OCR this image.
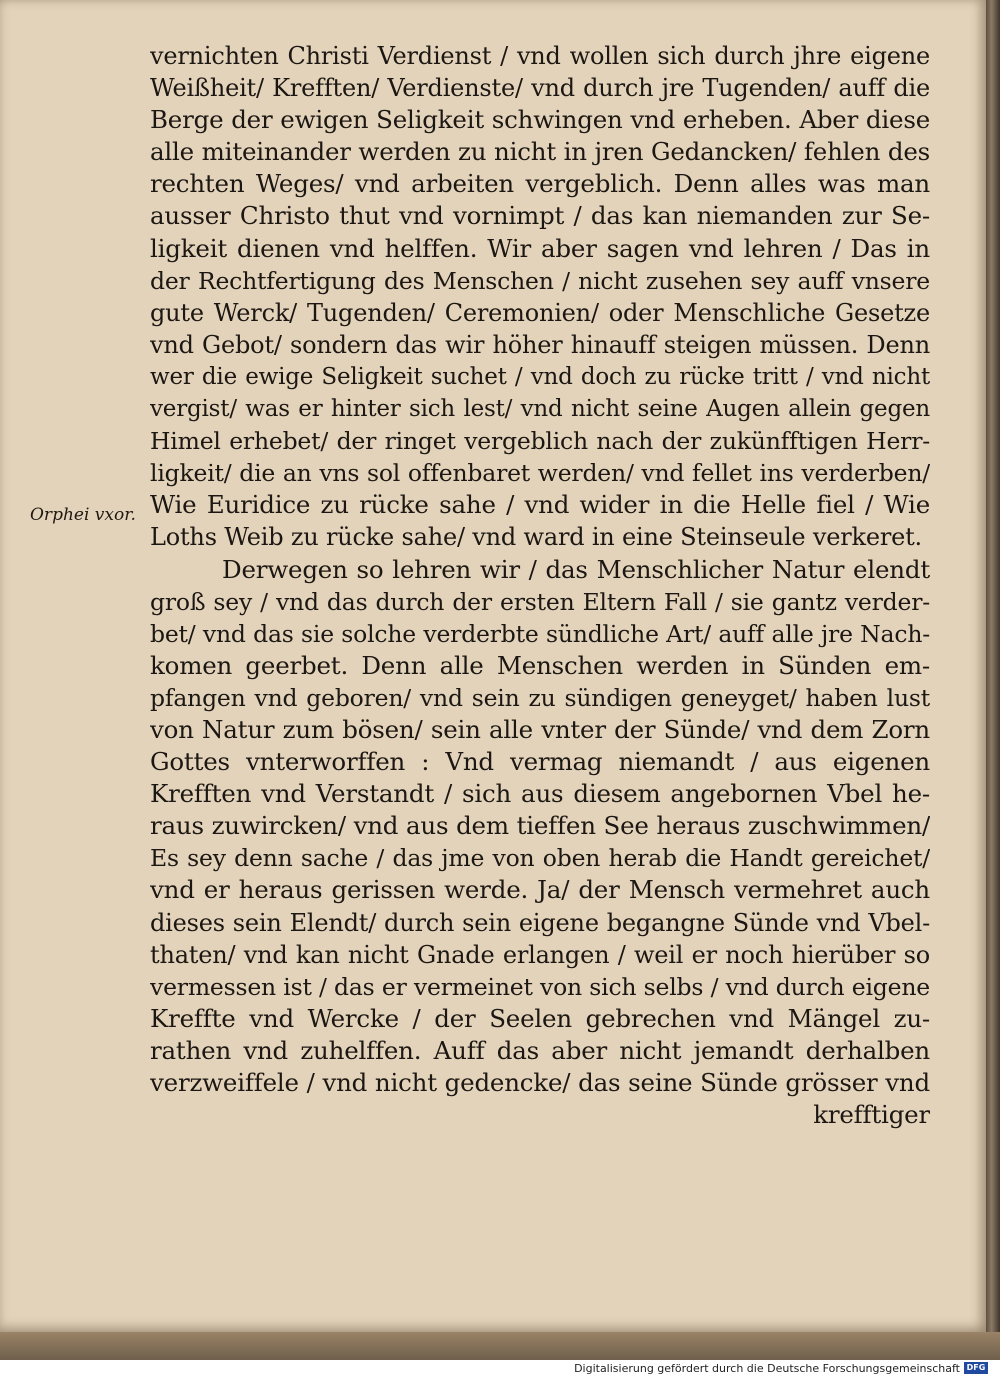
Orphei vxor.
vernichten Christi Verdienst / vnd wollen sich durch jhre eigene
Weißheit/ Krefften/ Verdienste/ vnd durch jre Tugenden/ auff die
Berge der ewigen Seligkeit schwingen vnd erheben. Aber diese
alle miteinander werden zu nicht in jren Gedancken/ fehlen des
rechten Weges/ vnd arbeiten vergeblich. Denn alles was man
ausser Christo thut vnd vornimpt / das kan niemanden zur Se-
ligkeit dienen vnd helffen. Wir aber sagen vnd lehren / Das in
der Rechtfertigung des Menschen / nicht zusehen sey auff vnsere
gute Werck/ Tugenden/ Ceremonien/ oder Menschliche Gesetze
vnd Gebot/ sondern das wir höher hinauff steigen müssen. Denn
wer die ewige Seligkeit suchet / vnd doch zu rücke tritt / vnd nicht
vergist/ was er hinter sich lest/ vnd nicht seine Augen allein gegen
Himel erhebet/ der ringet vergeblich nach der zukünfftigen Herr-
ligkeit/ die an vns sol offenbaret werden/ vnd fellet ins verderben/
Wie Euridice zu rücke sahe / vnd wider in die Helle fiel / Wie
Loths Weib zu rücke sahe/ vnd ward in eine Steinseule verkeret.
Derwegen so lehren wir / das Menschlicher Natur elendt
groß sey / vnd das durch der ersten Eltern Fall / sie gantz verder-
bet/ vnd das sie solche verderbte sündliche Art/ auff alle jre Nach-
komen geerbet. Denn alle Menschen werden in Sünden em-
pfangen vnd geboren/ vnd sein zu sündigen geneyget/ haben lust
von Natur zum bösen/ sein alle vnter der Sünde/ vnd dem Zorn
Gottes vnterworffen : Vnd vermag niemandt / aus eigenen
Krefften vnd Verstandt / sich aus diesem angebornen Vbel he-
raus zuwircken/ vnd aus dem tieffen See heraus zuschwimmen/
Es sey denn sache / das jme von oben herab die Handt gereichet/
vnd er heraus gerissen werde. Ja/ der Mensch vermehret auch
dieses sein Elendt/ durch sein eigene begangne Sünde vnd Vbel-
thaten/ vnd kan nicht Gnade erlangen / weil er noch hierüber so
vermessen ist / das er vermeinet von sich selbs / vnd durch eigene
Kreffte vnd Wercke / der Seelen gebrechen vnd Mängel zu-
rathen vnd zuhelffen. Auff das aber nicht jemandt derhalben
verzweiffele / vnd nicht gedencke/ das seine Sünde grösser vnd
krefftiger
Digitalisierung gefördert durch die Deutsche Forschungsgemeinschaft DFG
